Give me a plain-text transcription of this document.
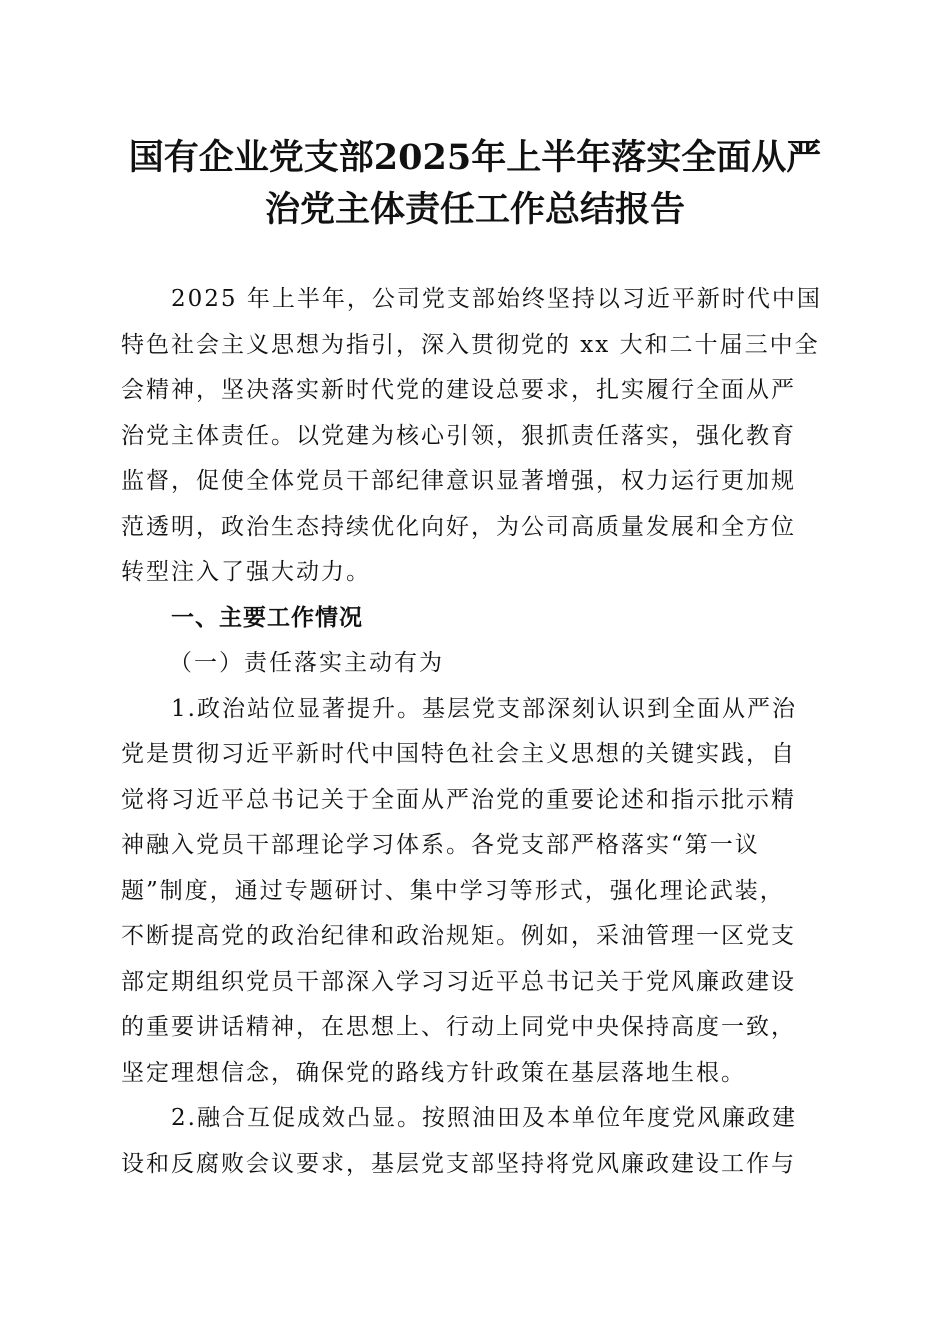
国有企业党支部2025年上半年落实全面从严
治党主体责任工作总结报告
2025 年上半年，公司党支部始终坚持以习近平新时代中国
特色社会主义思想为指引，深入贯彻党的 xx 大和二十届三中全
会精神，坚决落实新时代党的建设总要求，扎实履行全面从严
治党主体责任。以党建为核心引领，狠抓责任落实，强化教育
监督，促使全体党员干部纪律意识显著增强，权力运行更加规
范透明，政治生态持续优化向好，为公司高质量发展和全方位
转型注入了强大动力。
一、主要工作情况
（一）责任落实主动有为
1.政治站位显著提升。基层党支部深刻认识到全面从严治
党是贯彻习近平新时代中国特色社会主义思想的关键实践，自
觉将习近平总书记关于全面从严治党的重要论述和指示批示精
神融入党员干部理论学习体系。各党支部严格落实“第一议
题”制度，通过专题研讨、集中学习等形式，强化理论武装，
不断提高党的政治纪律和政治规矩。例如，采油管理一区党支
部定期组织党员干部深入学习习近平总书记关于党风廉政建设
的重要讲话精神，在思想上、行动上同党中央保持高度一致，
坚定理想信念，确保党的路线方针政策在基层落地生根。
2.融合互促成效凸显。按照油田及本单位年度党风廉政建
设和反腐败会议要求，基层党支部坚持将党风廉政建设工作与
